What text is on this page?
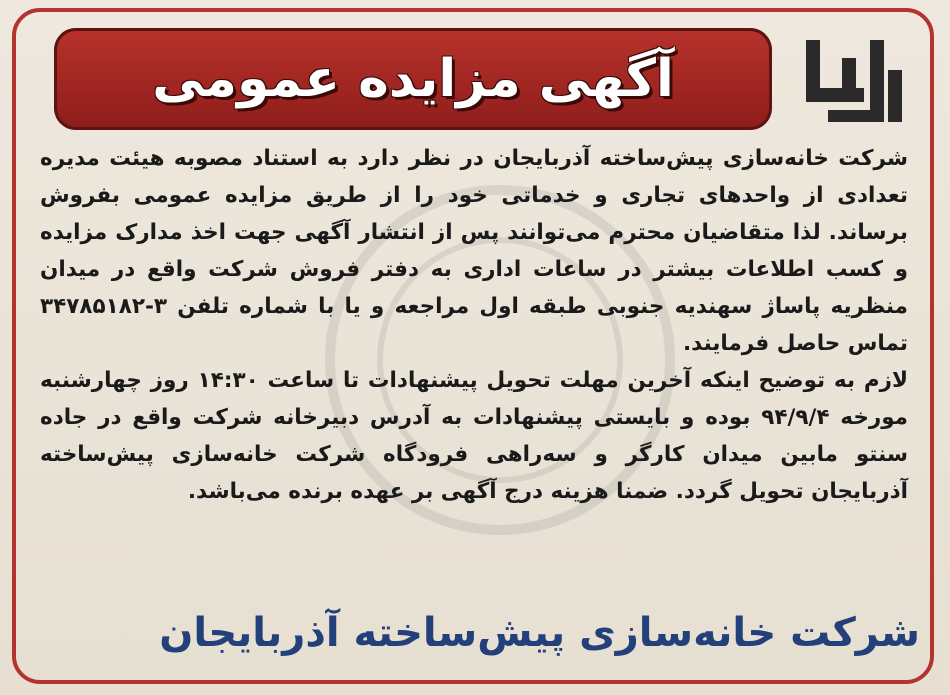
آگهی مزایده عمومی

شرکت خانه‌سازی پیش‌ساخته آذربایجان در نظر دارد به استناد مصوبه هیئت مدیره تعدادی از واحدهای تجاری و خدماتی خود را از طریق مزایده عمومی بفروش برساند. لذا متقاضیان محترم می‌توانند پس از انتشار آگهی جهت اخذ مدارک مزایده و کسب اطلاعات بیشتر در ساعات اداری به دفتر فروش شرکت واقع در میدان منظریه پاساژ سهندیه جنوبی طبقه اول مراجعه و یا با شماره تلفن ۳-۳۴۷۸۵۱۸۲ تماس حاصل فرمایند.

لازم به توضیح اینکه آخرین مهلت تحویل پیشنهادات تا ساعت ۱۴:۳۰ روز چهارشنبه مورخه ۹۴/۹/۴ بوده و بایستی پیشنهادات به آدرس دبیرخانه شرکت واقع در جاده سنتو مابین میدان کارگر و سه‌راهی فرودگاه شرکت خانه‌سازی پیش‌ساخته آذربایجان تحویل گردد. ضمنا هزینه درج آگهی بر عهده برنده می‌باشد.

شرکت خانه‌سازی پیش‌ساخته آذربایجان
